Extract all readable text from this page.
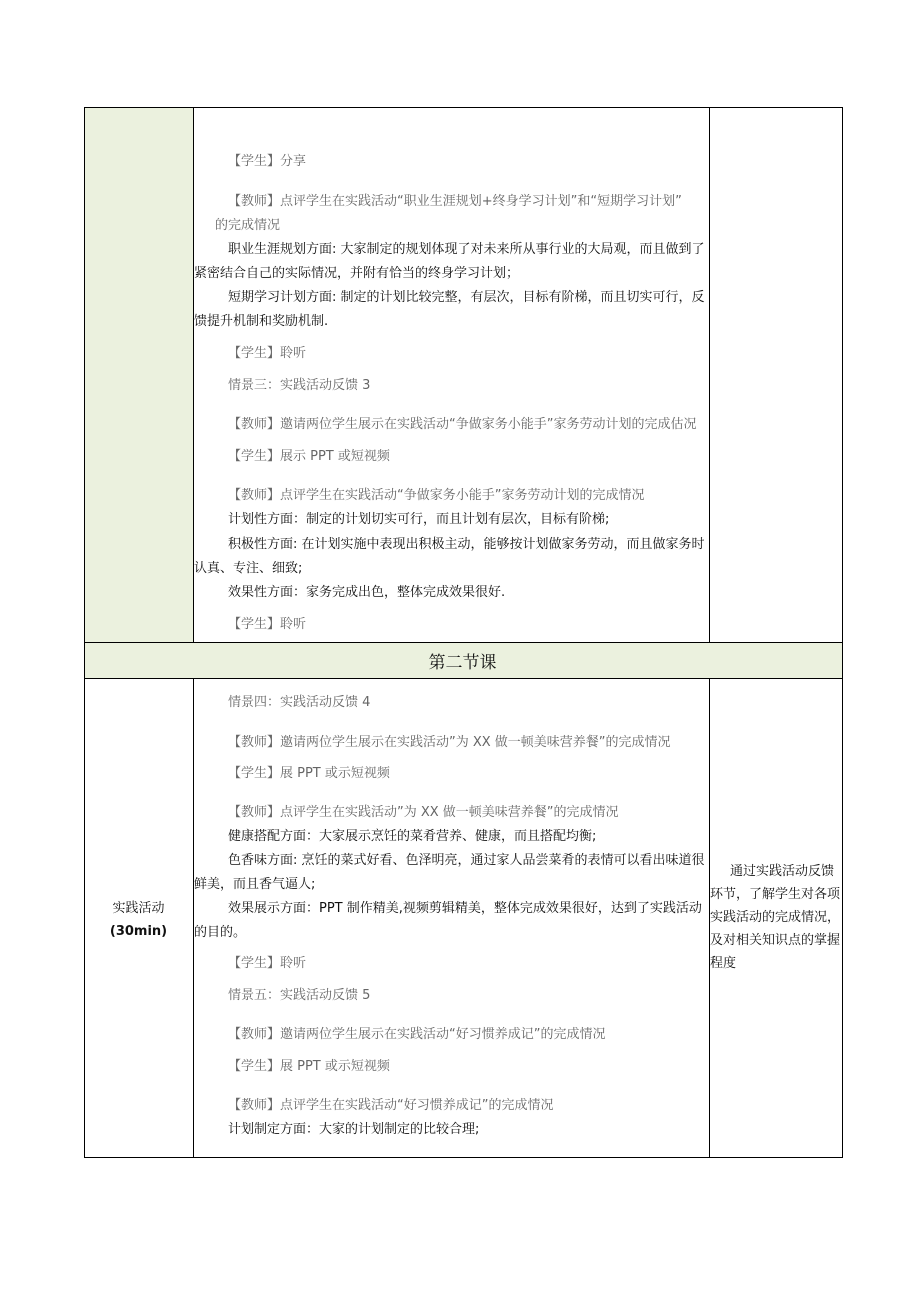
第二节课
【学生】分享
【教师】点评学生在实践活动“职业生涯规划+终身学习计划”和“短期学习计划”
的完成情况
职业生涯规划方面: 大家制定的规划体现了对未来所从事行业的大局观，而且做到了
紧密结合自己的实际情况，并附有恰当的终身学习计划；
短期学习计划方面: 制定的计划比较完整，有层次，目标有阶梯，而且切实可行，反
馈提升机制和奖励机制.
【学生】聆听
情景三：实践活动反馈 3
【教师】邀请两位学生展示在实践活动“争做家务小能手”家务劳动计划的完成估况
【学生】展示 PPT 或短视频
【教师】点评学生在实践活动“争做家务小能手”家务劳动计划的完成情况
计划性方面：制定的计划切实可行，而且计划有层次，目标有阶梯;
积极性方面: 在计划实施中表现出积极主动，能够按计划做家务劳动，而且做家务时
认真、专注、细致;
效果性方面：家务完成出色，整体完成效果很好.
【学生】聆听
情景四：实践活动反馈 4
【教师】邀请两位学生展示在实践活动”为 XX 做一顿美味营养餐”的完成情况
【学生】展 PPT 或示短视频
【教师】点评学生在实践活动”为 XX 做一顿美味营养餐”的完成情况
健康搭配方面：大家展示烹饪的菜肴营养、健康，而且搭配均衡;
色香味方面: 烹饪的菜式好看、色泽明亮，通过家人品尝菜肴的表情可以看出味道很
鲜美，而且香气逼人;
效果展示方面：PPT 制作精美,视频剪辑精美，整体完成效果很好，达到了实践活动
的目的。
【学生】聆听
情景五：实践活动反馈 5
【教师】邀请两位学生展示在实践活动“好习惯养成记”的完成情况
【学生】展 PPT 或示短视频
【教师】点评学生在实践活动“好习惯养成记”的完成情况
计划制定方面：大家的计划制定的比较合理;
实践活动
(30min)
通过实践活动反馈环节，了解学生对各项实践活动的完成情况，及对相关知识点的掌握程度
